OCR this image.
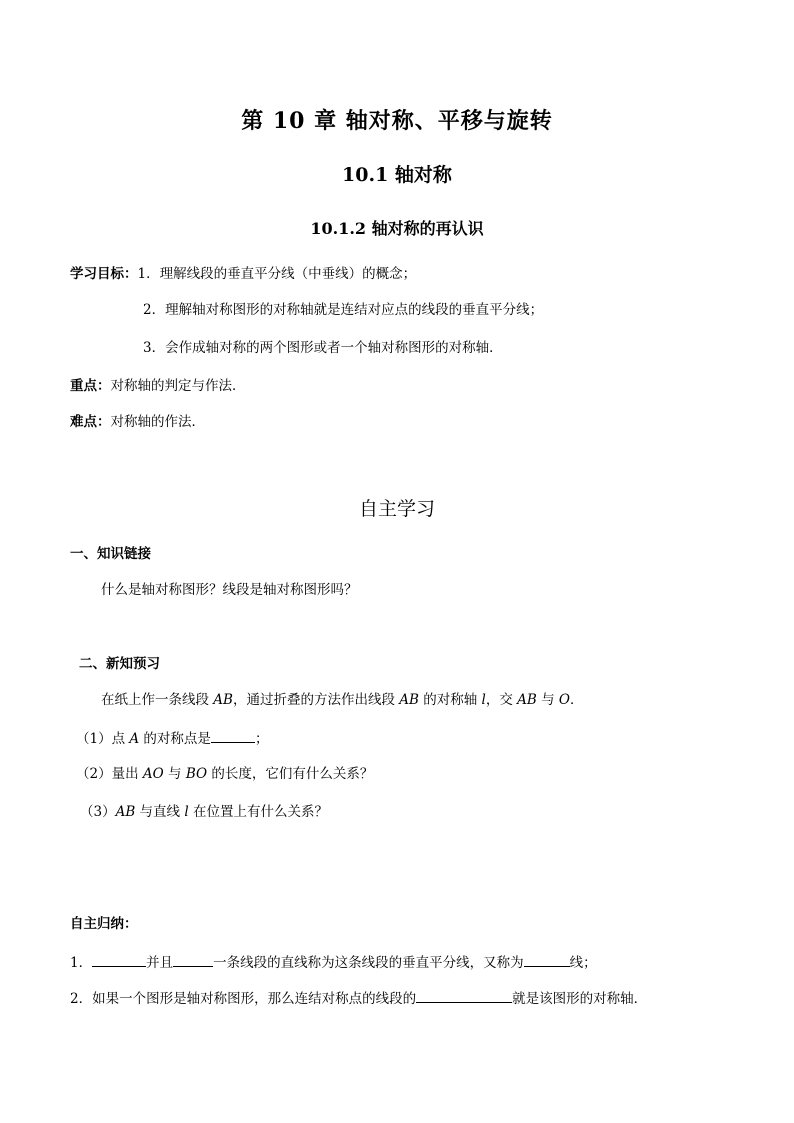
第 10 章 轴对称、平移与旋转
10.1 轴对称
10.1.2 轴对称的再认识
学习目标：1．理解线段的垂直平分线（中垂线）的概念；
2．理解轴对称图形的对称轴就是连结对应点的线段的垂直平分线；
3．会作成轴对称的两个图形或者一个轴对称图形的对称轴．
重点：对称轴的判定与作法．
难点：对称轴的作法．
自主学习
一、知识链接
什么是轴对称图形？线段是轴对称图形吗？
二、新知预习
在纸上作一条线段 AB，通过折叠的方法作出线段 AB 的对称轴 l，交 AB 与 O．
（1）点 A 的对称点是	；
（2）量出 AO 与 BO 的长度，它们有什么关系？
（3）AB 与直线 l 在位置上有什么关系？
自主归纳：
1．	并且	一条线段的直线称为这条线段的垂直平分线，又称为	线；
2．如果一个图形是轴对称图形，那么连结对称点的线段的	就是该图形的对称轴．
